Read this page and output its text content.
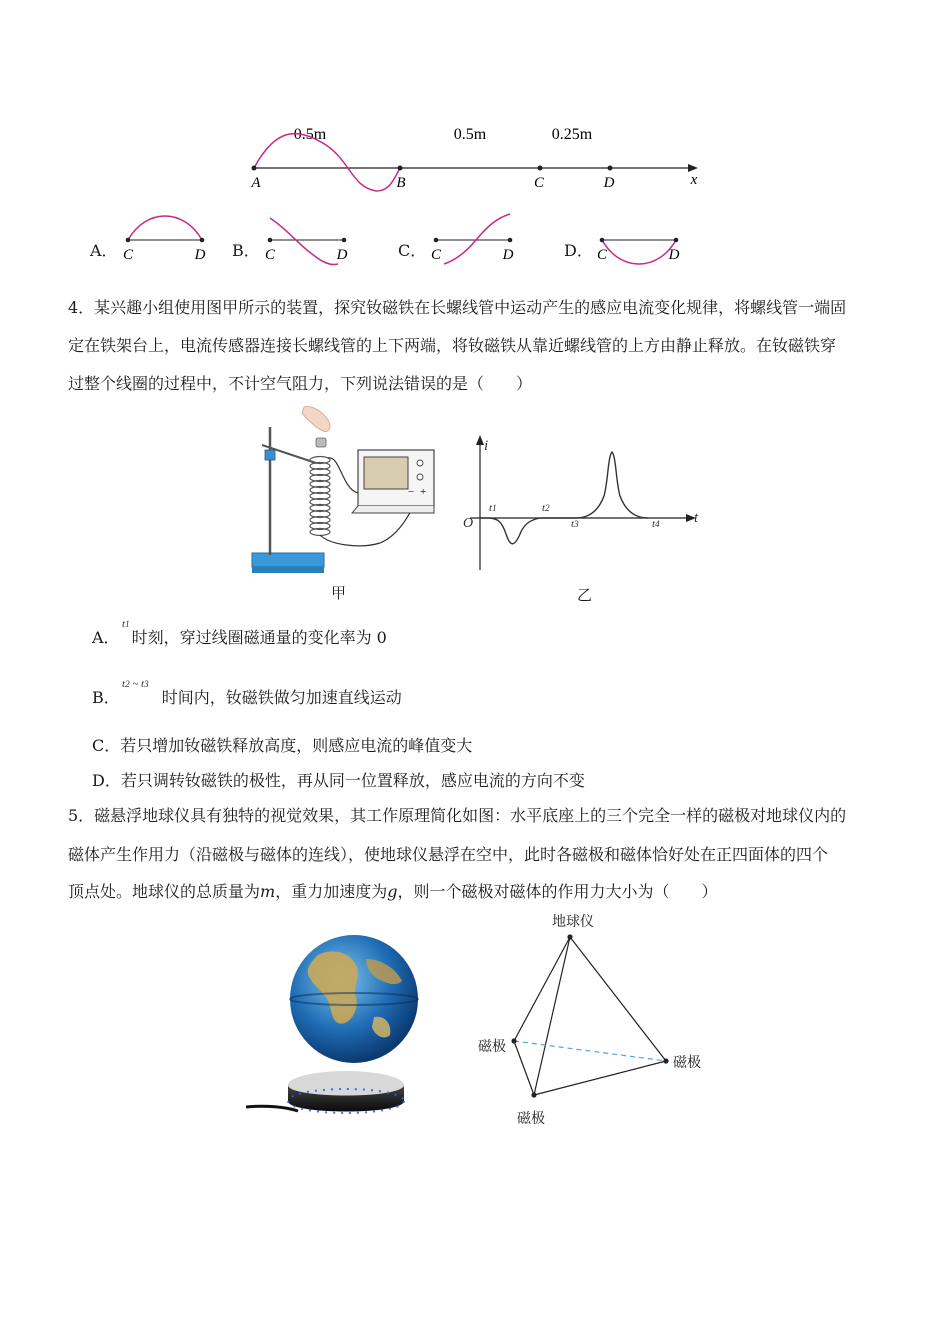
0.5m	0.5m	0.25m
A	B	C	D	x
A． C	D B． C	D	C． C	D	D． C	D
4．某兴趣小组使用图甲所示的装置，探究钕磁铁在长螺线管中运动产生的感应电流变化规律，将螺线管一端固
定在铁架台上，电流传感器连接长螺线管的上下两端，将钕磁铁从靠近螺线管的上方由静止释放。在钕磁铁穿
过整个线圈的过程中，不计空气阻力，下列说法错误的是（　　）
− +
甲
i
t
O
t1	t2
t3	t4
乙
A．
t1
时刻，穿过线圈磁通量的变化率为 0
B．
t2 ~ t3
时间内，钕磁铁做匀加速直线运动
C．若只增加钕磁铁释放高度，则感应电流的峰值变大
D．若只调转钕磁铁的极性，再从同一位置释放，感应电流的方向不变
5．磁悬浮地球仪具有独特的视觉效果，其工作原理简化如图：水平底座上的三个完全一样的磁极对地球仪内的
磁体产生作用力（沿磁极与磁体的连线），使地球仪悬浮在空中，此时各磁极和磁体恰好处在正四面体的四个
顶点处。地球仪的总质量为m，重力加速度为g，则一个磁极对磁体的作用力大小为（　　）
地球仪
磁极
磁极
磁极
